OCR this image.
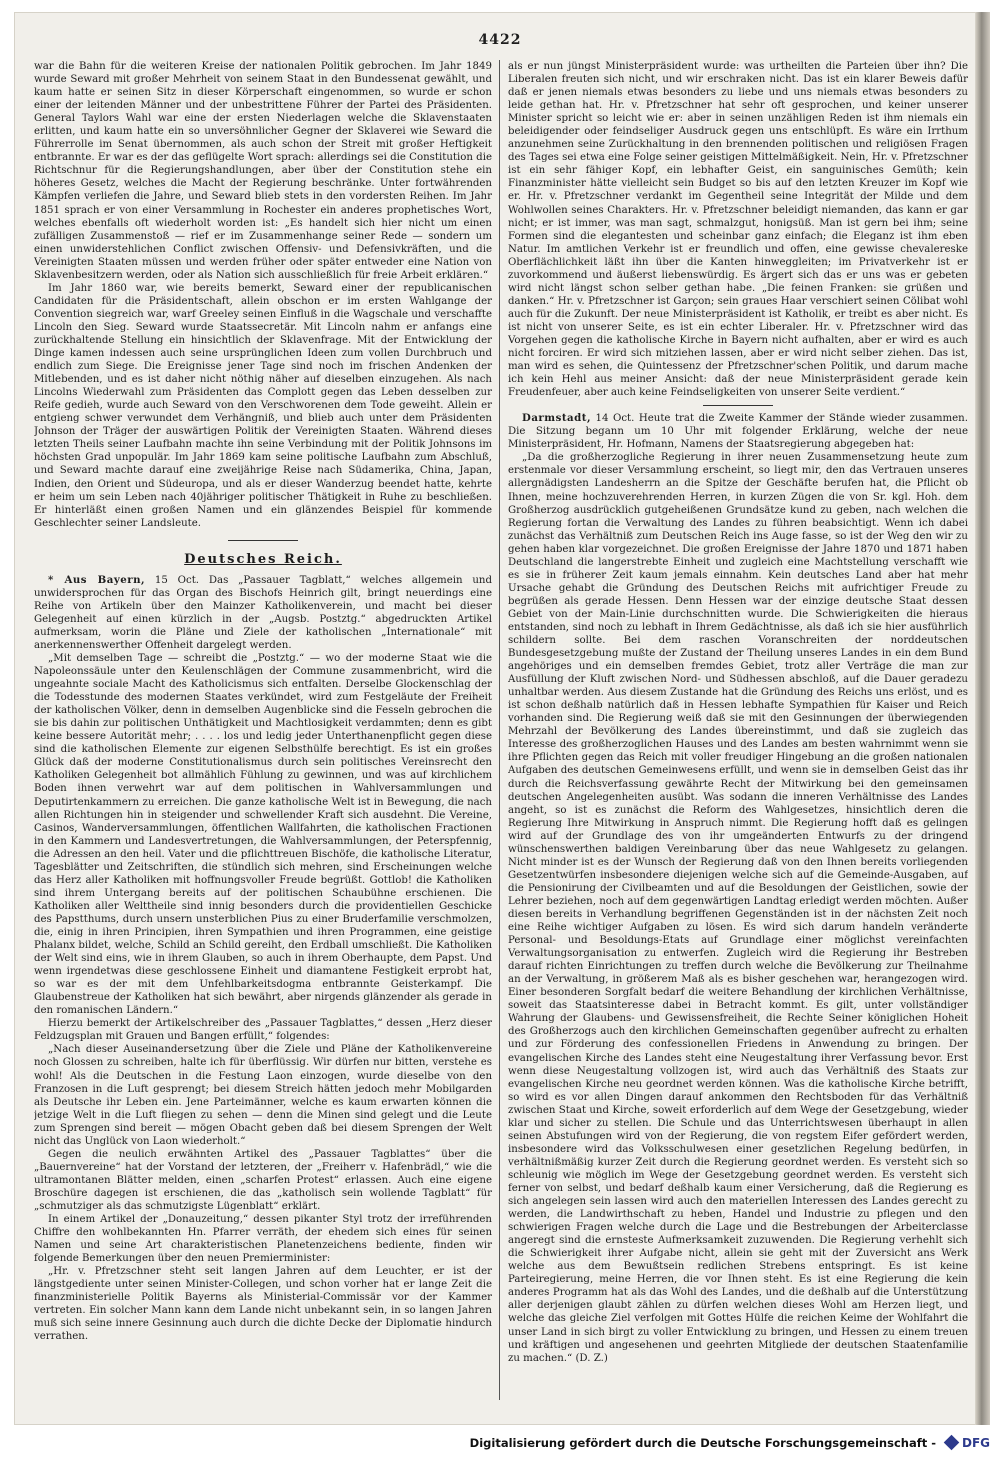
4422

war die Bahn für die weiteren Kreise der nationalen Politik gebrochen. Im Jahr 1849 wurde Seward mit großer Mehrheit von seinem Staat in den Bundessenat gewählt, und kaum hatte er seinen Sitz in dieser Körperschaft eingenommen, so wurde er schon einer der leitenden Männer und der unbestrittene Führer der Partei des Präsidenten. General Taylors Wahl war eine der ersten Niederlagen welche die Sklavenstaaten erlitten, und kaum hatte ein so unversöhnlicher Gegner der Sklaverei wie Seward die Führerrolle im Senat übernommen, als auch schon der Streit mit großer Heftigkeit entbrannte. Er war es der das geflügelte Wort sprach: allerdings sei die Constitution die Richtschnur für die Regierungshandlungen, aber über der Constitution stehe ein höheres Gesetz, welches die Macht der Regierung beschränke. Unter fortwährenden Kämpfen verliefen die Jahre, und Seward blieb stets in den vordersten Reihen. Im Jahr 1851 sprach er von einer Versammlung in Rochester ein anderes prophetisches Wort, welches ebenfalls oft wiederholt worden ist: „Es handelt sich hier nicht um einen zufälligen Zusammenstoß — rief er im Zusammenhange seiner Rede — sondern um einen unwiderstehlichen Conflict zwischen Offensiv- und Defensivkräften, und die Vereinigten Staaten müssen und werden früher oder später entweder eine Nation von Sklavenbesitzern werden, oder als Nation sich ausschließlich für freie Arbeit erklären.“

Im Jahr 1860 war, wie bereits bemerkt, Seward einer der republicanischen Candidaten für die Präsidentschaft, allein obschon er im ersten Wahlgange der Convention siegreich war, warf Greeley seinen Einfluß in die Wagschale und verschaffte Lincoln den Sieg. Seward wurde Staatssecretär. Mit Lincoln nahm er anfangs eine zurückhaltende Stellung ein hinsichtlich der Sklavenfrage. Mit der Entwicklung der Dinge kamen indessen auch seine ursprünglichen Ideen zum vollen Durchbruch und endlich zum Siege. Die Ereignisse jener Tage sind noch im frischen Andenken der Mitlebenden, und es ist daher nicht nöthig näher auf dieselben einzugehen. Als nach Lincolns Wiederwahl zum Präsidenten das Complott gegen das Leben desselben zur Reife gedieh, wurde auch Seward von den Verschworenen dem Tode geweiht. Allein er entgieng schwer verwundet dem Verhängniß, und blieb auch unter dem Präsidenten Johnson der Träger der auswärtigen Politik der Vereinigten Staaten. Während dieses letzten Theils seiner Laufbahn machte ihn seine Verbindung mit der Politik Johnsons im höchsten Grad unpopulär. Im Jahr 1869 kam seine politische Laufbahn zum Abschluß, und Seward machte darauf eine zweijährige Reise nach Südamerika, China, Japan, Indien, den Orient und Südeuropa, und als er dieser Wanderzug beendet hatte, kehrte er heim um sein Leben nach 40jähriger politischer Thätigkeit in Ruhe zu beschließen. Er hinterläßt einen großen Namen und ein glänzendes Beispiel für kommende Geschlechter seiner Landsleute.

Deutsches Reich.

* Aus Bayern, 15 Oct. Das „Passauer Tagblatt,“ welches allgemein und unwidersprochen für das Organ des Bischofs Heinrich gilt, bringt neuerdings eine Reihe von Artikeln über den Mainzer Katholikenverein, und macht bei dieser Gelegenheit auf einen kürzlich in der „Augsb. Postztg.“ abgedruckten Artikel aufmerksam, worin die Pläne und Ziele der katholischen „Internationale“ mit anerkennenswerther Offenheit dargelegt werden.

„Mit demselben Tage — schreibt die „Postztg.“ — wo der moderne Staat wie die Napoleonssäule unter den Keulenschlägen der Commune zusammenbricht, wird die ungeahnte sociale Macht des Katholicismus sich entfalten. Derselbe Glockenschlag der die Todesstunde des modernen Staates verkündet, wird zum Festgeläute der Freiheit der katholischen Völker, denn in demselben Augenblicke sind die Fesseln gebrochen die sie bis dahin zur politischen Unthätigkeit und Machtlosigkeit verdammten; denn es gibt keine bessere Autorität mehr; . . . . los und ledig jeder Unterthanenpflicht gegen diese sind die katholischen Elemente zur eigenen Selbsthülfe berechtigt. Es ist ein großes Glück daß der moderne Constitutionalismus durch sein politisches Vereinsrecht den Katholiken Gelegenheit bot allmählich Fühlung zu gewinnen, und was auf kirchlichem Boden ihnen verwehrt war auf dem politischen in Wahlversammlungen und Deputirtenkammern zu erreichen. Die ganze katholische Welt ist in Bewegung, die nach allen Richtungen hin in steigender und schwellender Kraft sich ausdehnt. Die Vereine, Casinos, Wanderversammlungen, öffentlichen Wallfahrten, die katholischen Fractionen in den Kammern und Landesvertretungen, die Wahlversammlungen, der Peterspfennig, die Adressen an den heil. Vater und die pflichttreuen Bischöfe, die katholische Literatur, Tagesblätter und Zeitschriften, die stündlich sich mehren, sind Erscheinungen welche das Herz aller Katholiken mit hoffnungsvoller Freude begrüßt. Gottlob! die Katholiken sind ihrem Untergang bereits auf der politischen Schaubühne erschienen. Die Katholiken aller Welttheile sind innig besonders durch die providentiellen Geschicke des Papstthums, durch unsern unsterblichen Pius zu einer Bruderfamilie verschmolzen, die, einig in ihren Principien, ihren Sympathien und ihren Programmen, eine geistige Phalanx bildet, welche, Schild an Schild gereiht, den Erdball umschließt. Die Katholiken der Welt sind eins, wie in ihrem Glauben, so auch in ihrem Oberhaupte, dem Papst. Und wenn irgendetwas diese geschlossene Einheit und diamantene Festigkeit erprobt hat, so war es der mit dem Unfehlbarkeitsdogma entbrannte Geisterkampf. Die Glaubenstreue der Katholiken hat sich bewährt, aber nirgends glänzender als gerade in den romanischen Ländern.“

Hierzu bemerkt der Artikelschreiber des „Passauer Tagblattes,“ dessen „Herz dieser Feldzugsplan mit Grauen und Bangen erfüllt,“ folgendes:

„Nach dieser Auseinandersetzung über die Ziele und Pläne der Katholikenvereine noch Glossen zu schreiben, halte ich für überflüssig. Wir dürfen nur bitten, verstehe es wohl! Als die Deutschen in die Festung Laon einzogen, wurde dieselbe von den Franzosen in die Luft gesprengt; bei diesem Streich hätten jedoch mehr Mobilgarden als Deutsche ihr Leben ein. Jene Parteimänner, welche es kaum erwarten können die jetzige Welt in die Luft fliegen zu sehen — denn die Minen sind gelegt und die Leute zum Sprengen sind bereit — mögen Obacht geben daß bei diesem Sprengen der Welt nicht das Unglück von Laon wiederholt.“

Gegen die neulich erwähnten Artikel des „Passauer Tagblattes“ über die „Bauernvereine“ hat der Vorstand der letzteren, der „Freiherr v. Hafenbrädl,“ wie die ultramontanen Blätter melden, einen „scharfen Protest“ erlassen. Auch eine eigene Broschüre dagegen ist erschienen, die das „katholisch sein wollende Tagblatt“ für „schmutziger als das schmutzigste Lügenblatt“ erklärt.

In einem Artikel der „Donauzeitung,“ dessen pikanter Styl trotz der irreführenden Chiffre den wohlbekannten Hn. Pfarrer verräth, der ehedem sich eines für seinen Namen und seine Art charakteristischen Planetenzeichens bediente, finden wir folgende Bemerkungen über den neuen Premierminister:

„Hr. v. Pfretzschner steht seit langen Jahren auf dem Leuchter, er ist der längstgediente unter seinen Minister-Collegen, und schon vorher hat er lange Zeit die finanzministerielle Politik Bayerns als Ministerial-Commissär vor der Kammer vertreten. Ein solcher Mann kann dem Lande nicht unbekannt sein, in so langen Jahren muß sich seine innere Gesinnung auch durch die dichte Decke der Diplomatie hindurch verrathen.

als er nun jüngst Ministerpräsident wurde: was urtheilten die Parteien über ihn? Die Liberalen freuten sich nicht, und wir erschraken nicht. Das ist ein klarer Beweis dafür daß er jenen niemals etwas besonders zu liebe und uns niemals etwas besonders zu leide gethan hat. Hr. v. Pfretzschner hat sehr oft gesprochen, und keiner unserer Minister spricht so leicht wie er: aber in seinen unzähligen Reden ist ihm niemals ein beleidigender oder feindseliger Ausdruck gegen uns entschlüpft. Es wäre ein Irrthum anzunehmen seine Zurückhaltung in den brennenden politischen und religiösen Fragen des Tages sei etwa eine Folge seiner geistigen Mittelmäßigkeit. Nein, Hr. v. Pfretzschner ist ein sehr fähiger Kopf, ein lebhafter Geist, ein sanguinisches Gemüth; kein Finanzminister hätte vielleicht sein Budget so bis auf den letzten Kreuzer im Kopf wie er. Hr. v. Pfretzschner verdankt im Gegentheil seine Integrität der Milde und dem Wohlwollen seines Charakters. Hr. v. Pfretzschner beleidigt niemanden, das kann er gar nicht; er ist immer, was man sagt, schmalzgut, honigsüß. Man ist gern bei ihm; seine Formen sind die elegantesten und scheinbar ganz einfach; die Eleganz ist ihm eben Natur. Im amtlichen Verkehr ist er freundlich und offen, eine gewisse chevalereske Oberflächlichkeit läßt ihn über die Kanten hinweggleiten; im Privatverkehr ist er zuvorkommend und äußerst liebenswürdig. Es ärgert sich das er uns was er gebeten wird nicht längst schon selber gethan habe. „Die feinen Franken: sie grüßen und danken.“ Hr. v. Pfretzschner ist Garçon; sein graues Haar verschiert seinen Cölibat wohl auch für die Zukunft. Der neue Ministerpräsident ist Katholik, er treibt es aber nicht. Es ist nicht von unserer Seite, es ist ein echter Liberaler. Hr. v. Pfretzschner wird das Vorgehen gegen die katholische Kirche in Bayern nicht aufhalten, aber er wird es auch nicht forciren. Er wird sich mitziehen lassen, aber er wird nicht selber ziehen. Das ist, man wird es sehen, die Quintessenz der Pfretzschner'schen Politik, und darum mache ich kein Hehl aus meiner Ansicht: daß der neue Ministerpräsident gerade kein Freudenfeuer, aber auch keine Feindseligkeiten von unserer Seite verdient.“

Darmstadt, 14 Oct. Heute trat die Zweite Kammer der Stände wieder zusammen. Die Sitzung begann um 10 Uhr mit folgender Erklärung, welche der neue Ministerpräsident, Hr. Hofmann, Namens der Staatsregierung abgegeben hat:

„Da die großherzogliche Regierung in ihrer neuen Zusammensetzung heute zum erstenmale vor dieser Versammlung erscheint, so liegt mir, den das Vertrauen unseres allergnädigsten Landesherrn an die Spitze der Geschäfte berufen hat, die Pflicht ob Ihnen, meine hochzuverehrenden Herren, in kurzen Zügen die von Sr. kgl. Hoh. dem Großherzog ausdrücklich gutgeheißenen Grundsätze kund zu geben, nach welchen die Regierung fortan die Verwaltung des Landes zu führen beabsichtigt. Wenn ich dabei zunächst das Verhältniß zum Deutschen Reich ins Auge fasse, so ist der Weg den wir zu gehen haben klar vorgezeichnet. Die großen Ereignisse der Jahre 1870 und 1871 haben Deutschland die langerstrebte Einheit und zugleich eine Machtstellung verschafft wie es sie in früherer Zeit kaum jemals einnahm. Kein deutsches Land aber hat mehr Ursache gehabt die Gründung des Deutschen Reichs mit aufrichtiger Freude zu begrüßen als gerade Hessen. Denn Hessen war der einzige deutsche Staat dessen Gebiet von der Main-Linie durchschnitten wurde. Die Schwierigkeiten die hieraus entstanden, sind noch zu lebhaft in Ihrem Gedächtnisse, als daß ich sie hier ausführlich schildern sollte. Bei dem raschen Voranschreiten der norddeutschen Bundesgesetzgebung mußte der Zustand der Theilung unseres Landes in ein dem Bund angehöriges und ein demselben fremdes Gebiet, trotz aller Verträge die man zur Ausfüllung der Kluft zwischen Nord- und Südhessen abschloß, auf die Dauer geradezu unhaltbar werden. Aus diesem Zustande hat die Gründung des Reichs uns erlöst, und es ist schon deßhalb natürlich daß in Hessen lebhafte Sympathien für Kaiser und Reich vorhanden sind. Die Regierung weiß daß sie mit den Gesinnungen der überwiegenden Mehrzahl der Bevölkerung des Landes übereinstimmt, und daß sie zugleich das Interesse des großherzoglichen Hauses und des Landes am besten wahrnimmt wenn sie ihre Pflichten gegen das Reich mit voller freudiger Hingebung an die großen nationalen Aufgaben des deutschen Gemeinwesens erfüllt, und wenn sie in demselben Geist das ihr durch die Reichsverfassung gewährte Recht der Mitwirkung bei den gemeinsamen deutschen Angelegenheiten ausübt. Was sodann die inneren Verhältnisse des Landes angeht, so ist es zunächst die Reform des Wahlgesetzes, hinsichtlich deren die Regierung Ihre Mitwirkung in Anspruch nimmt. Die Regierung hofft daß es gelingen wird auf der Grundlage des von ihr umgeänderten Entwurfs zu der dringend wünschenswerthen baldigen Vereinbarung über das neue Wahlgesetz zu gelangen. Nicht minder ist es der Wunsch der Regierung daß von den Ihnen bereits vorliegenden Gesetzentwürfen insbesondere diejenigen welche sich auf die Gemeinde-Ausgaben, auf die Pensionirung der Civilbeamten und auf die Besoldungen der Geistlichen, sowie der Lehrer beziehen, noch auf dem gegenwärtigen Landtag erledigt werden möchten. Außer diesen bereits in Verhandlung begriffenen Gegenständen ist in der nächsten Zeit noch eine Reihe wichtiger Aufgaben zu lösen. Es wird sich darum handeln veränderte Personal- und Besoldungs-Etats auf Grundlage einer möglichst vereinfachten Verwaltungsorganisation zu entwerfen. Zugleich wird die Regierung ihr Bestreben darauf richten Einrichtungen zu treffen durch welche die Bevölkerung zur Theilnahme an der Verwaltung, in größerem Maß als es bisher geschehen war, herangezogen wird. Einer besonderen Sorgfalt bedarf die weitere Behandlung der kirchlichen Verhältnisse, soweit das Staatsinteresse dabei in Betracht kommt. Es gilt, unter vollständiger Wahrung der Glaubens- und Gewissensfreiheit, die Rechte Seiner königlichen Hoheit des Großherzogs auch den kirchlichen Gemeinschaften gegenüber aufrecht zu erhalten und zur Förderung des confessionellen Friedens in Anwendung zu bringen. Der evangelischen Kirche des Landes steht eine Neugestaltung ihrer Verfassung bevor. Erst wenn diese Neugestaltung vollzogen ist, wird auch das Verhältniß des Staats zur evangelischen Kirche neu geordnet werden können. Was die katholische Kirche betrifft, so wird es vor allen Dingen darauf ankommen den Rechtsboden für das Verhältniß zwischen Staat und Kirche, soweit erforderlich auf dem Wege der Gesetzgebung, wieder klar und sicher zu stellen. Die Schule und das Unterrichtswesen überhaupt in allen seinen Abstufungen wird von der Regierung, die von regstem Eifer gefördert werden, insbesondere wird das Volksschulwesen einer gesetzlichen Regelung bedürfen, in verhältnißmäßig kurzer Zeit durch die Regierung geordnet werden. Es versteht sich so schleunig wie möglich im Wege der Gesetzgebung geordnet werden. Es versteht sich ferner von selbst, und bedarf deßhalb kaum einer Versicherung, daß die Regierung es sich angelegen sein lassen wird auch den materiellen Interessen des Landes gerecht zu werden, die Landwirthschaft zu heben, Handel und Industrie zu pflegen und den schwierigen Fragen welche durch die Lage und die Bestrebungen der Arbeiterclasse angeregt sind die ernsteste Aufmerksamkeit zuzuwenden. Die Regierung verhehlt sich die Schwierigkeit ihrer Aufgabe nicht, allein sie geht mit der Zuversicht ans Werk welche aus dem Bewußtsein redlichen Strebens entspringt. Es ist keine Parteiregierung, meine Herren, die vor Ihnen steht. Es ist eine Regierung die kein anderes Programm hat als das Wohl des Landes, und die deßhalb auf die Unterstützung aller derjenigen glaubt zählen zu dürfen welchen dieses Wohl am Herzen liegt, und welche das gleiche Ziel verfolgen mit Gottes Hülfe die reichen Keime der Wohlfahrt die unser Land in sich birgt zu voller Entwicklung zu bringen, und Hessen zu einem treuen und kräftigen und angesehenen und geehrten Mitgliede der deutschen Staatenfamilie zu machen.“ (D. Z.)

Digitalisierung gefördert durch die Deutsche Forschungsgemeinschaft - DFG
